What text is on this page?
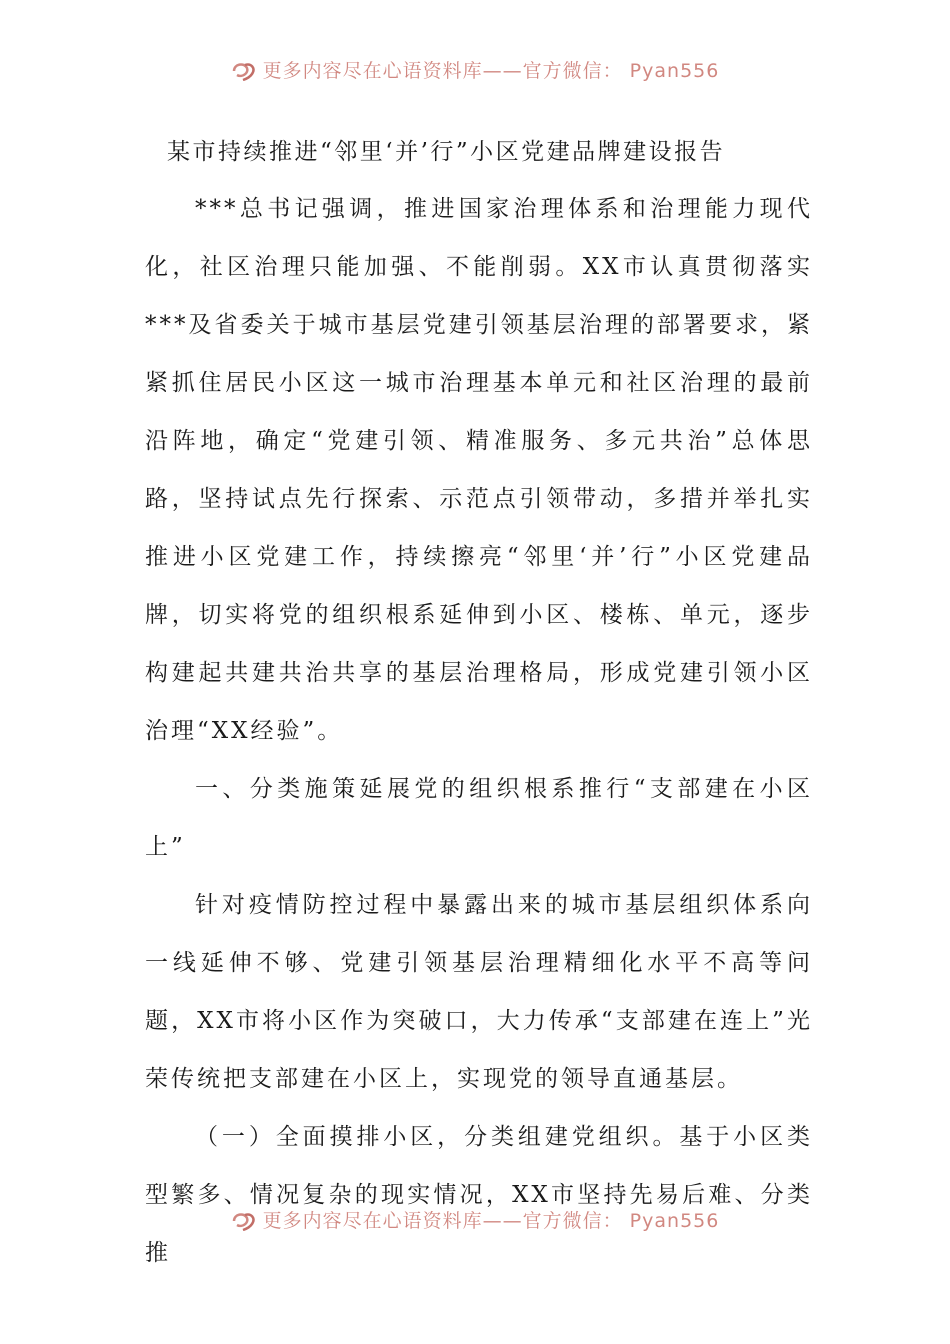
更多内容尽在心语资料库——官方微信： Pyan556

某市持续推进“邻里‘并’行”小区党建品牌建设报告

***总书记强调，推进国家治理体系和治理能力现代化，社区治理只能加强、不能削弱。XX市认真贯彻落实***及省委关于城市基层党建引领基层治理的部署要求，紧紧抓住居民小区这一城市治理基本单元和社区治理的最前沿阵地，确定“党建引领、精准服务、多元共治”总体思路，坚持试点先行探索、示范点引领带动，多措并举扎实推进小区党建工作，持续擦亮“邻里‘并’行”小区党建品牌，切实将党的组织根系延伸到小区、楼栋、单元，逐步构建起共建共治共享的基层治理格局，形成党建引领小区治理“XX经验”。

一、分类施策延展党的组织根系推行“支部建在小区上”

针对疫情防控过程中暴露出来的城市基层组织体系向一线延伸不够、党建引领基层治理精细化水平不高等问题，XX市将小区作为突破口，大力传承“支部建在连上”光荣传统把支部建在小区上，实现党的领导直通基层。

（一）全面摸排小区，分类组建党组织。基于小区类型繁多、情况复杂的现实情况，XX市坚持先易后难、分类推

更多内容尽在心语资料库——官方微信： Pyan556
